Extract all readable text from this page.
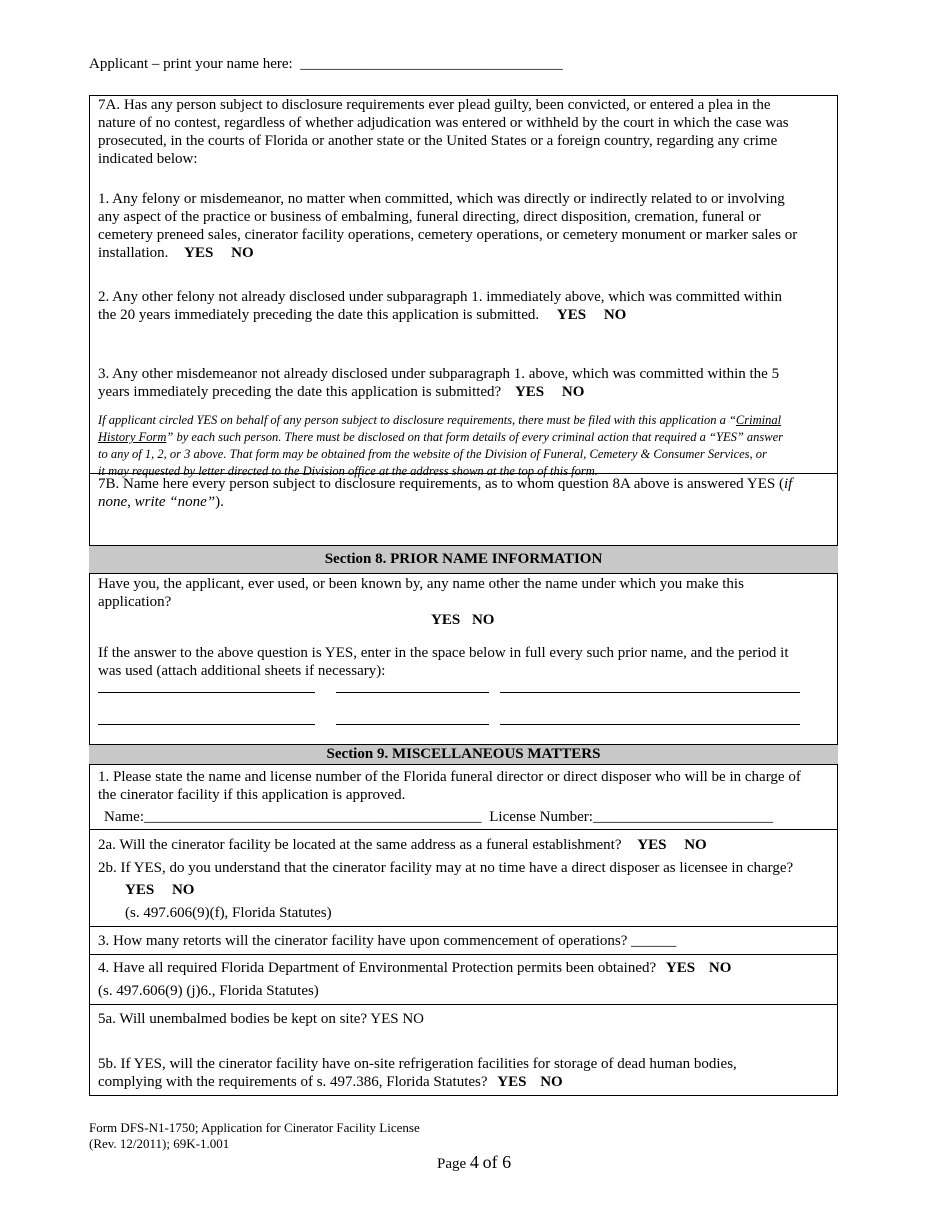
Applicant – print your name here: ___________________________________
7A. Has any person subject to disclosure requirements ever plead guilty, been convicted, or entered a plea in the
nature of no contest, regardless of whether adjudication was entered or withheld by the court in which the case was
prosecuted, in the courts of Florida or another state or the United States or a foreign country, regarding any crime
indicated below:
1. Any felony or misdemeanor, no matter when committed, which was directly or indirectly related to or involving
any aspect of the practice or business of embalming, funeral directing, direct disposition, cremation, funeral or
cemetery preneed sales, cinerator facility operations, cemetery operations, or cemetery monument or marker sales or
installation. YES NO
2. Any other felony not already disclosed under subparagraph 1. immediately above, which was committed within
the 20 years immediately preceding the date this application is submitted. YES NO
3. Any other misdemeanor not already disclosed under subparagraph 1. above, which was committed within the 5
years immediately preceding the date this application is submitted? YES NO
If applicant circled YES on behalf of any person subject to disclosure requirements, there must be filed with this application a “Criminal
History Form” by each such person. There must be disclosed on that form details of every criminal action that required a “YES” answer
to any of 1, 2, or 3 above. That form may be obtained from the website of the Division of Funeral, Cemetery & Consumer Services, or
it may requested by letter directed to the Division office at the address shown at the top of this form.
7B. Name here every person subject to disclosure requirements, as to whom question 8A above is answered YES (if
none, write “none”).
Section 8. PRIOR NAME INFORMATION
Have you, the applicant, ever used, or been known by, any name other the name under which you make this
application?
YES NO
If the answer to the above question is YES, enter in the space below in full every such prior name, and the period it
was used (attach additional sheets if necessary):
Section 9. MISCELLANEOUS MATTERS
1. Please state the name and license number of the Florida funeral director or direct disposer who will be in charge of
the cinerator facility if this application is approved.
Name:_____________________________________________ License Number:________________________
2a. Will the cinerator facility be located at the same address as a funeral establishment? YES NO
2b. If YES, do you understand that the cinerator facility may at no time have a direct disposer as licensee in charge?
YES NO
(s. 497.606(9)(f), Florida Statutes)
3. How many retorts will the cinerator facility have upon commencement of operations? ______
4. Have all required Florida Department of Environmental Protection permits been obtained? YES NO
(s. 497.606(9) (j)6., Florida Statutes)
5a. Will unembalmed bodies be kept on site? YES NO
5b. If YES, will the cinerator facility have on-site refrigeration facilities for storage of dead human bodies,
complying with the requirements of s. 497.386, Florida Statutes? YES NO
Form DFS-N1-1750; Application for Cinerator Facility License
(Rev. 12/2011); 69K-1.001
Page 4 of 6
